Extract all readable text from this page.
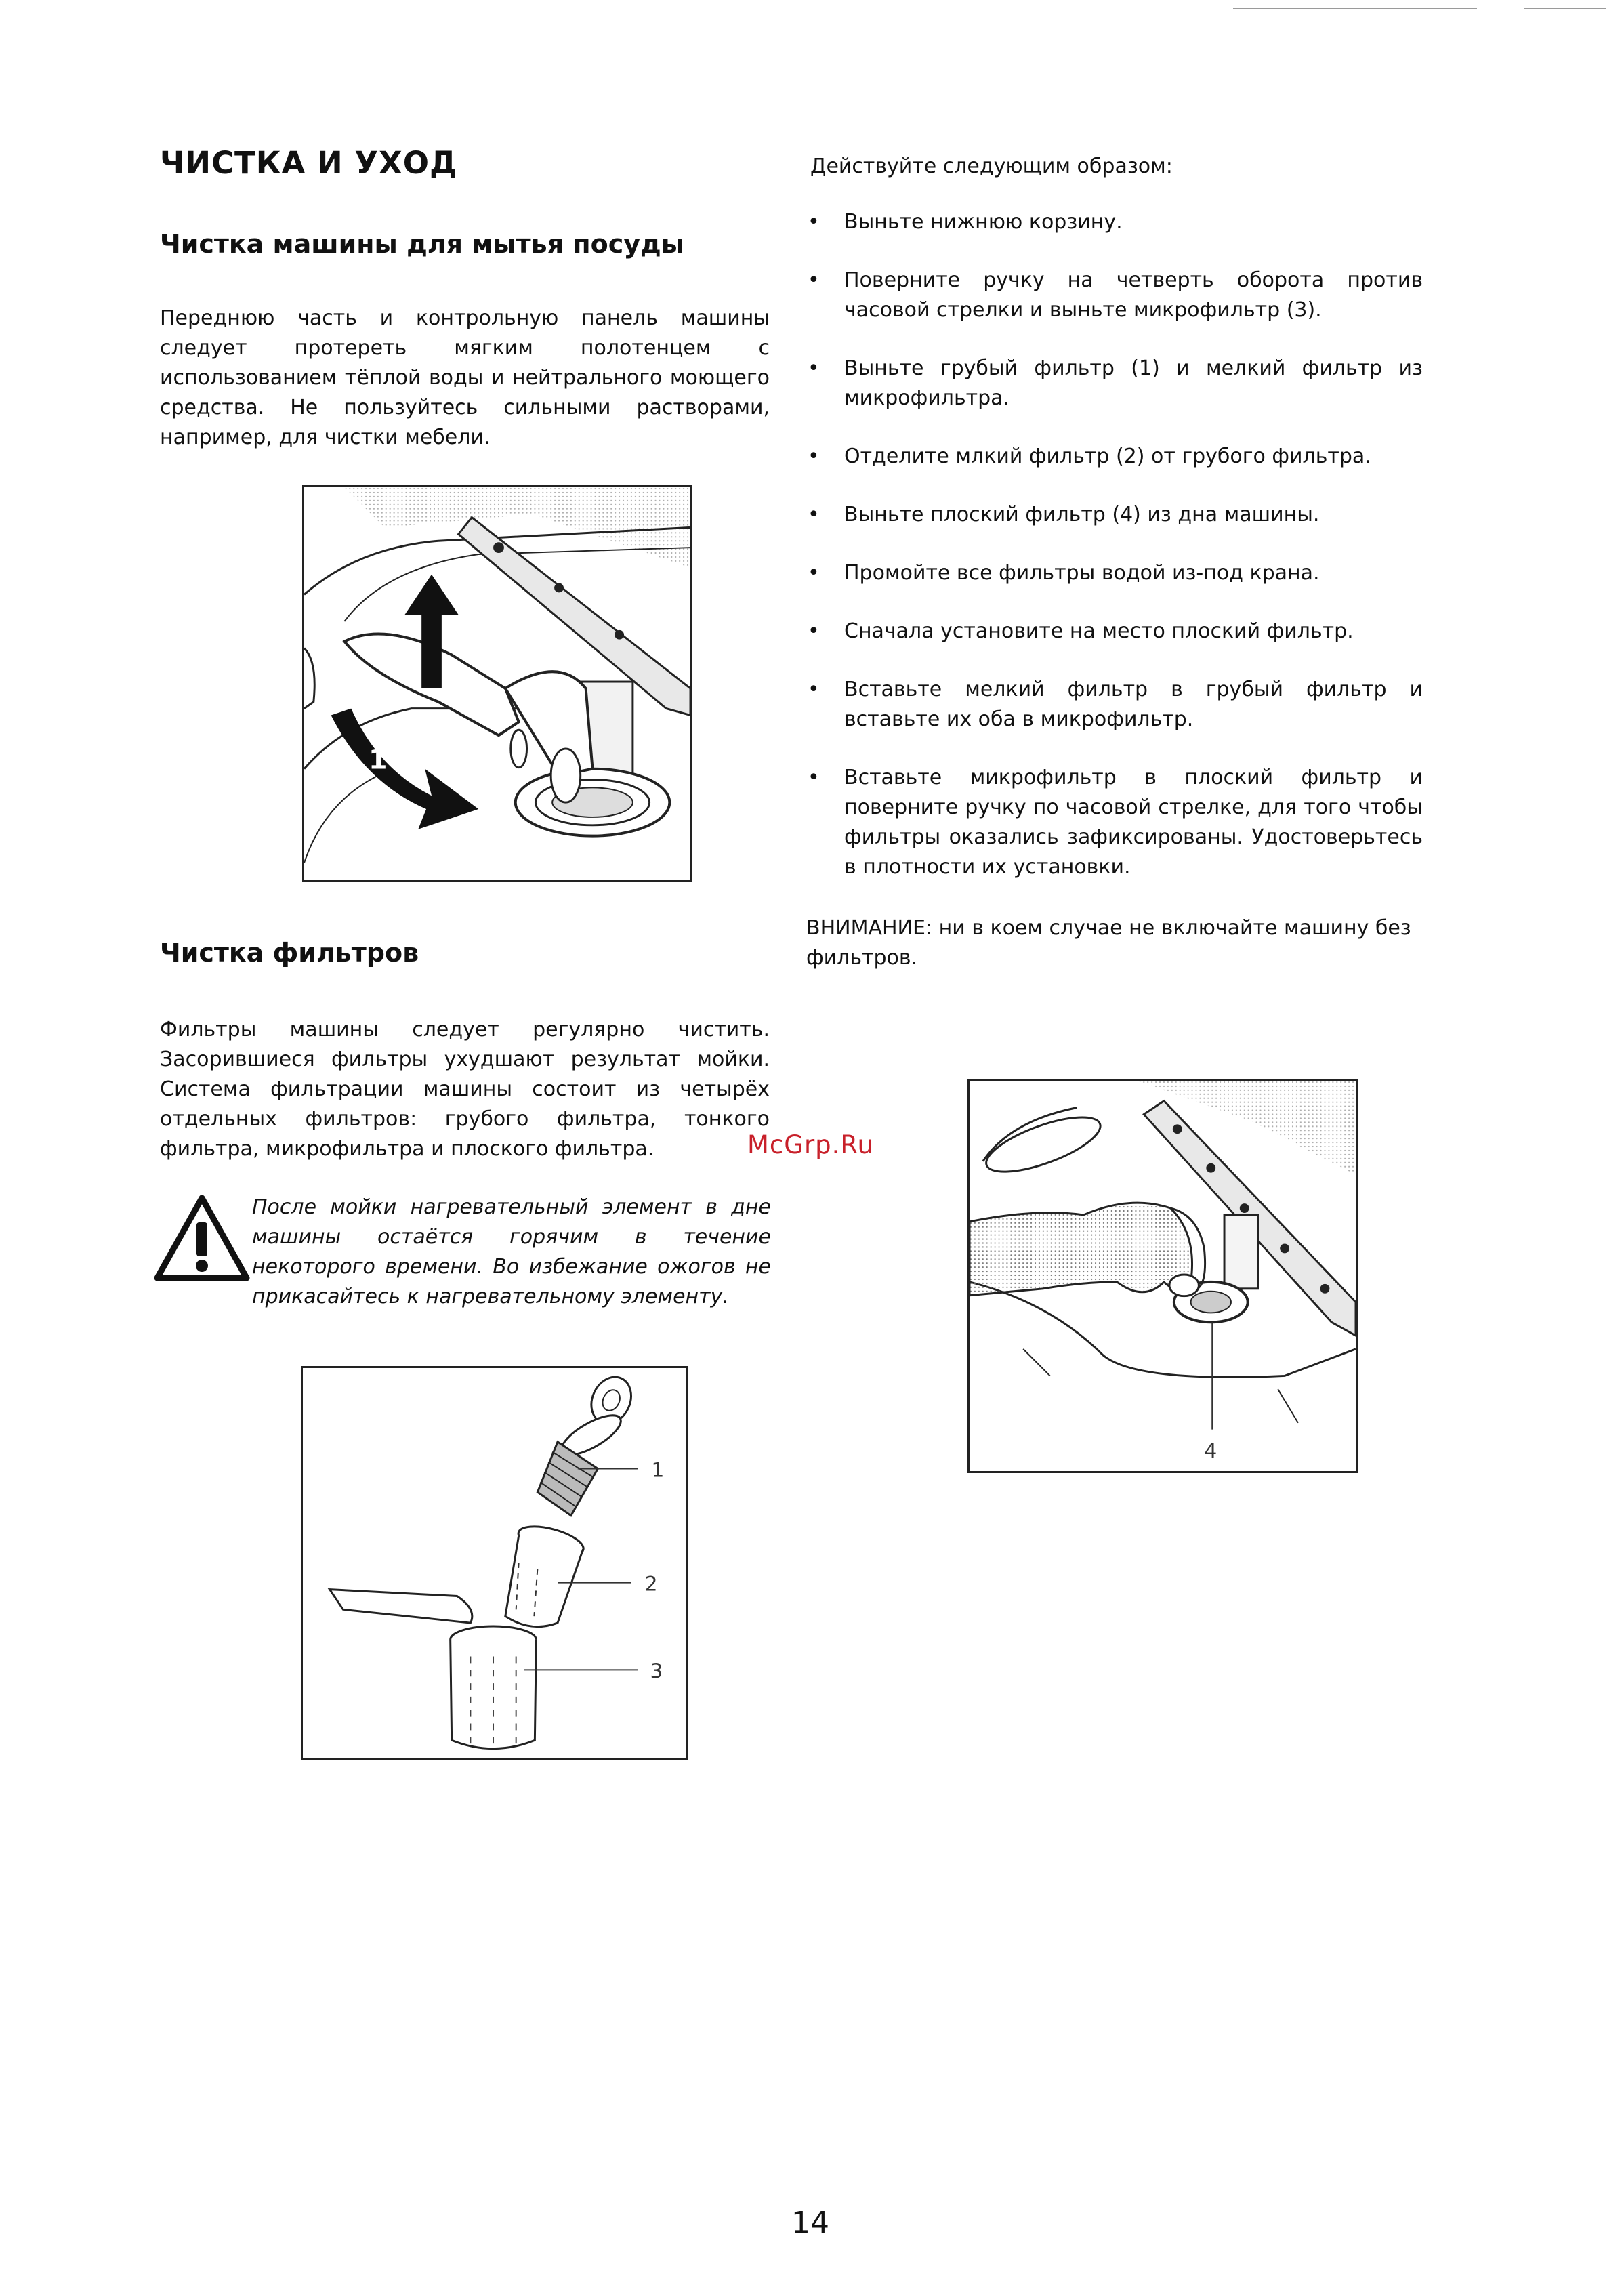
ЧИСТКА И УХОД
Чистка машины для мытья посуды

Переднюю часть и контрольную панель машины следует протереть мягким полотенцем с использованием тёплой воды и нейтрального моющего средства. Не пользуйтесь сильными растворами, например, для чистки мебели.

2
1
Чистка фильтров

Фильтры машины следует регулярно чистить. Засорившиеся фильтры ухудшают результат мойки. Система фильтрации машины состоит из четырёх отдельных фильтров: грубого фильтра, тонкого фильтра, микрофильтра и плоского фильтра.

После мойки нагревательный элемент в дне машины остаётся горячим в течение некоторого времени. Во избежание ожогов не прикасайтесь к нагревательному элементу.

1
2
3

Действуйте следующим образом:

• Выньте нижнюю корзину.
• Поверните ручку на четверть оборота против часовой стрелки и выньте микрофильтр (3).
• Выньте грубый фильтр (1) и мелкий фильтр из микрофильтра.
• Отделите млкий фильтр (2) от грубого фильтра.
• Выньте плоский фильтр (4) из дна машины.
• Промойте все фильтры водой из-под крана.
• Сначала установите на место плоский фильтр.
• Вставьте мелкий фильтр в грубый фильтр и вставьте их оба в микрофильтр.
• Вставьте микрофильтр в плоский фильтр и поверните ручку по часовой стрелке, для того чтобы фильтры оказались зафиксированы. Удостоверьтесь в плотности их установки.

ВНИМАНИЕ: ни в коем случае не включайте машину без фильтров.

4
McGrp.Ru
14
